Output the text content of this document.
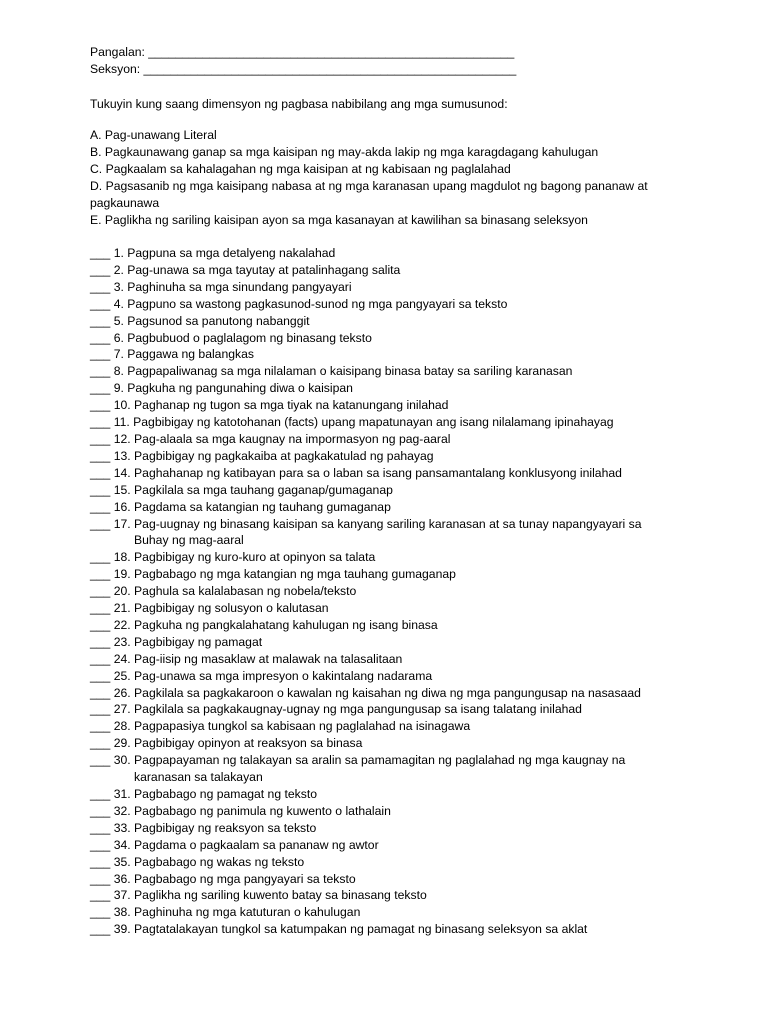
Pangalan: ______________________________________________________
Seksyon: _______________________________________________________
Tukuyin kung saang dimensyon ng pagbasa nabibilang ang mga sumusunod:
A. Pag-unawang Literal
B. Pagkaunawang ganap sa mga kaisipan ng may-akda lakip ng mga karagdagang kahulugan
C. Pagkaalam sa kahalagahan ng mga kaisipan at ng kabisaan ng paglalahad
D. Pagsasanib ng mga kaisipang nabasa at ng mga karanasan upang magdulot ng bagong pananaw at pagkaunawa
E. Paglikha ng sariling kaisipan ayon sa mga kasanayan at kawilihan sa binasang seleksyon
___ 1. Pagpuna sa mga detalyeng nakalahad
___ 2. Pag-unawa sa mga tayutay at patalinhagang salita
___ 3. Paghinuha sa mga sinundang pangyayari
___ 4. Pagpuno sa wastong pagkasunod-sunod ng mga pangyayari sa teksto
___ 5. Pagsunod sa panutong nabanggit
___ 6. Pagbubuod o paglalagom ng binasang teksto
___ 7. Paggawa ng balangkas
___ 8. Pagpapaliwanag sa mga nilalaman o kaisipang binasa batay sa sariling karanasan
___ 9. Pagkuha ng pangunahing diwa o kaisipan
___ 10. Paghanap ng tugon sa mga tiyak na katanungang inilahad
___ 11. Pagbibigay ng katotohanan (facts) upang mapatunayan ang isang nilalamang ipinahayag
___ 12. Pag-alaala sa mga kaugnay na impormasyon ng pag-aaral
___ 13. Pagbibigay ng pagkakaiba at pagkakatulad ng pahayag
___ 14. Paghahanap ng katibayan para sa o laban sa isang pansamantalang konklusyong inilahad
___ 15. Pagkilala sa mga tauhang gaganap/gumaganap
___ 16. Pagdama sa katangian ng tauhang gumaganap
___ 17. Pag-uugnay ng binasang kaisipan sa kanyang sariling karanasan at sa tunay napangyayari sa
Buhay ng mag-aaral
___ 18. Pagbibigay ng kuro-kuro at opinyon sa talata
___ 19. Pagbabago ng mga katangian ng mga tauhang gumaganap
___ 20. Paghula sa kalalabasan ng nobela/teksto
___ 21. Pagbibigay ng solusyon o kalutasan
___ 22. Pagkuha ng pangkalahatang kahulugan ng isang binasa
___ 23. Pagbibigay ng pamagat
___ 24. Pag-iisip ng masaklaw at malawak na talasalitaan
___ 25. Pag-unawa sa mga impresyon o kakintalang nadarama
___ 26. Pagkilala sa pagkakaroon o kawalan ng kaisahan ng diwa ng mga pangungusap na nasasaad
___ 27. Pagkilala sa pagkakaugnay-ugnay ng mga pangungusap sa isang talatang inilahad
___ 28. Pagpapasiya tungkol sa kabisaan ng paglalahad na isinagawa
___ 29. Pagbibigay opinyon at reaksyon sa binasa
___ 30. Pagpapayaman ng talakayan sa aralin sa pamamagitan ng paglalahad ng mga kaugnay na
karanasan sa talakayan
___ 31. Pagbabago ng pamagat ng teksto
___ 32. Pagbabago ng panimula ng kuwento o lathalain
___ 33. Pagbibigay ng reaksyon sa teksto
___ 34. Pagdama o pagkaalam sa pananaw ng awtor
___ 35. Pagbabago ng wakas ng teksto
___ 36. Pagbabago ng mga pangyayari sa teksto
___ 37. Paglikha ng sariling kuwento batay sa binasang teksto
___ 38. Paghinuha ng mga katuturan o kahulugan
___ 39. Pagtatalakayan tungkol sa katumpakan ng pamagat ng binasang seleksyon sa aklat
